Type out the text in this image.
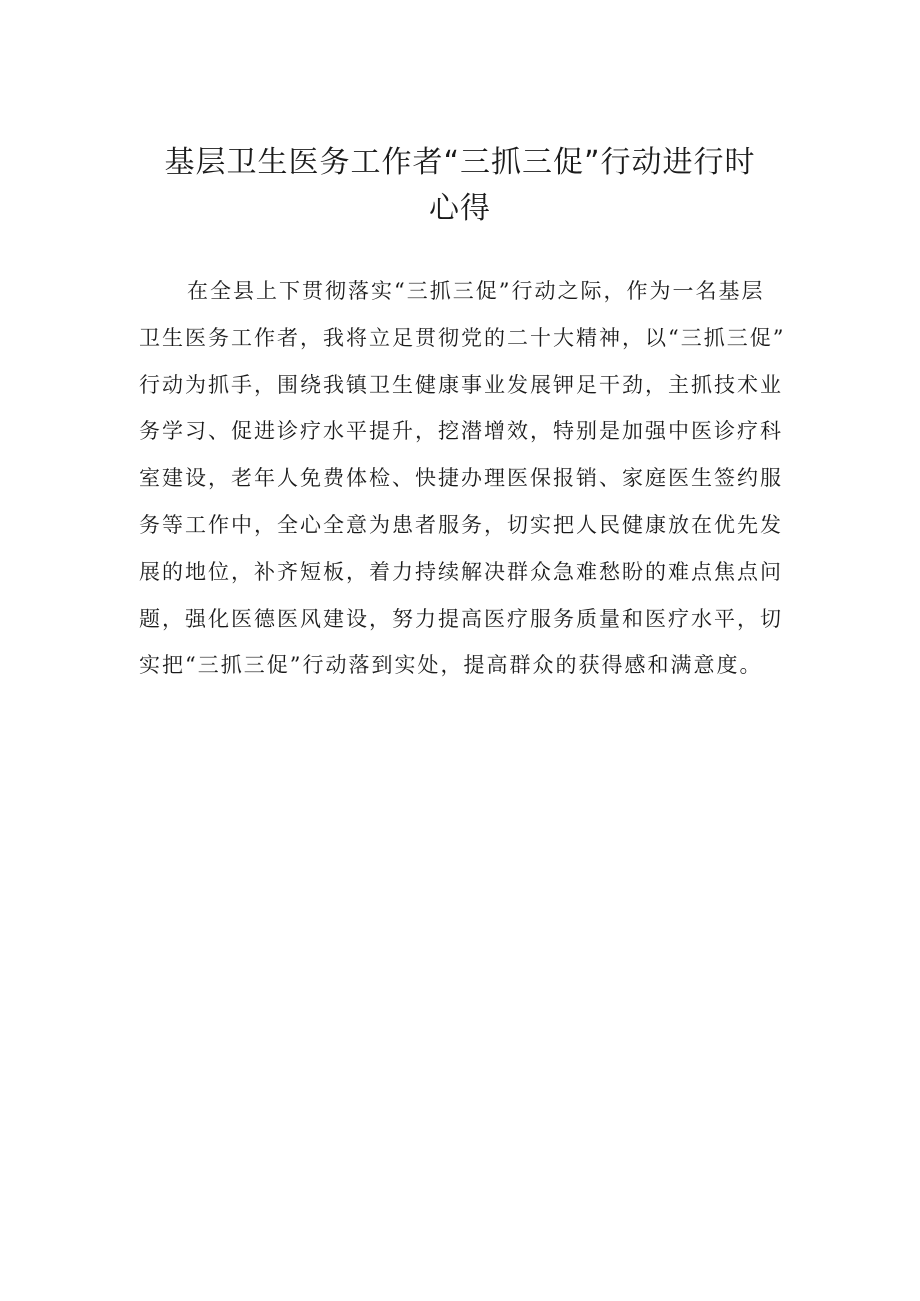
基层卫生医务工作者“三抓三促”行动进行时
心得
在全县上下贯彻落实“三抓三促”行动之际，作为一名基层
卫生医务工作者，我将立足贯彻党的二十大精神，以“三抓三促”
行动为抓手，围绕我镇卫生健康事业发展钾足干劲，主抓技术业
务学习、促进诊疗水平提升，挖潜增效，特别是加强中医诊疗科
室建设，老年人免费体检、快捷办理医保报销、家庭医生签约服
务等工作中，全心全意为患者服务，切实把人民健康放在优先发
展的地位，补齐短板，着力持续解决群众急难愁盼的难点焦点问
题，强化医德医风建设，努力提高医疗服务质量和医疗水平，切
实把“三抓三促”行动落到实处，提高群众的获得感和满意度。
